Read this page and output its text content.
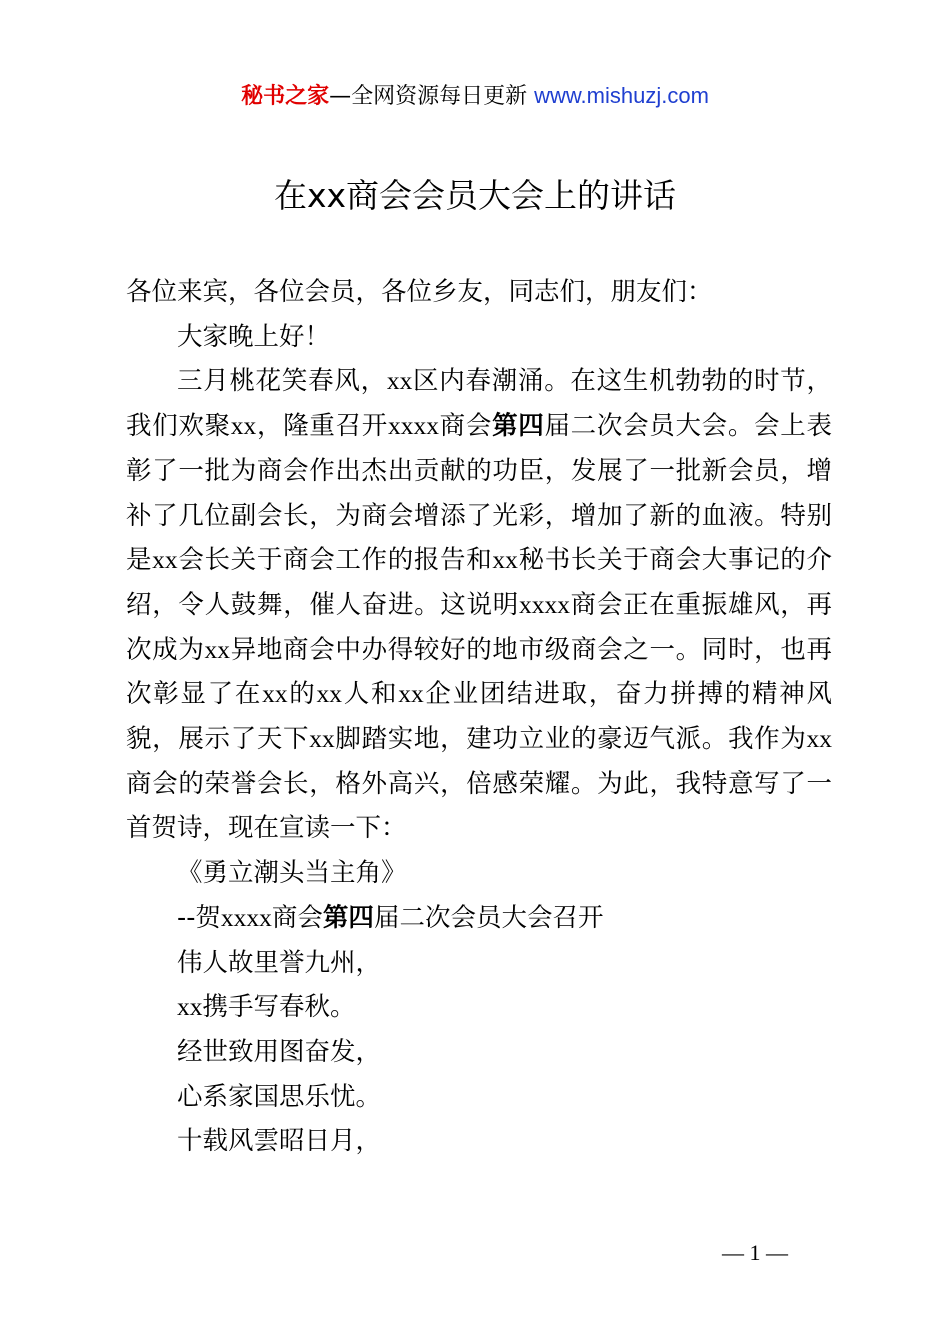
秘书之家—全网资源每日更新 www.mishuzj.com
在xx商会会员大会上的讲话

各位来宾，各位会员，各位乡友，同志们，朋友们：

大家晚上好！

三月桃花笑春风，xx区内春潮涌。在这生机勃勃的时节，我们欢聚xx，隆重召开xxxx商会第四届二次会员大会。会上表彰了一批为商会作出杰出贡献的功臣，发展了一批新会员，增补了几位副会长，为商会增添了光彩，增加了新的血液。特别是xx会长关于商会工作的报告和xx秘书长关于商会大事记的介绍，令人鼓舞，催人奋进。这说明xxxx商会正在重振雄风，再次成为xx异地商会中办得较好的地市级商会之一。同时，也再次彰显了在xx的xx人和xx企业团结进取，奋力拼搏的精神风貌，展示了天下xx脚踏实地，建功立业的豪迈气派。我作为xx商会的荣誉会长，格外高兴，倍感荣耀。为此，我特意写了一首贺诗，现在宣读一下：

《勇立潮头当主角》

--贺xxxx商会第四届二次会员大会召开

伟人故里誉九州，

xx携手写春秋。

经世致用图奋发，

心系家国思乐忧。

十载风雲昭日月，

— 1 —
